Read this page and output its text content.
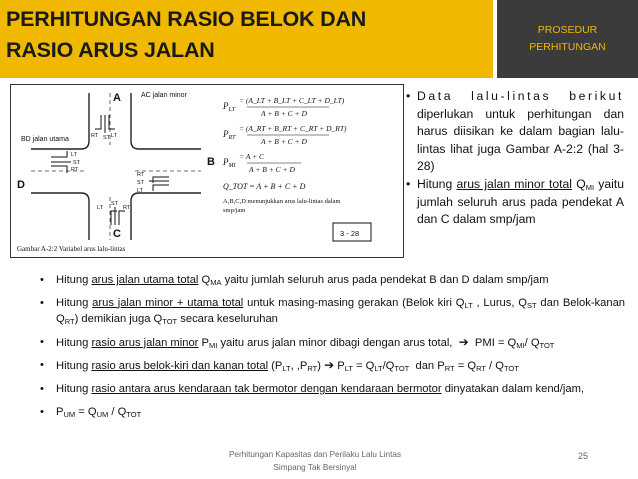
PERHITUNGAN RASIO BELOK DAN
RASIO ARUS JALAN
PROSEDUR
PERHITUNGAN
A
B
C
D
AC jalan minor
BD jalan utama	RT ST LT
LT
ST
RT
RT
ST
LT
LT
ST
RT
$P_{LT}$
= (A_LT + B_LT + C_LT + D_LT)
A + B + C + D
$P_{RT}$
= (A_RT + B_RT + C_RT + D_RT)
A + B + C + D
$P_{MI}$
= A + C
A + B + C + D
Q_TOT = A + B + C + D
A,B,C,D menunjukkan arus lalu-lintas dalam
smp/jam
3 - 28
Gambar A-2:2 Variabel arus lalu-lintas
• Data lalu-lintas berikut diperlukan untuk perhitungan dan harus diisikan ke dalam bagian lalu-lintas lihat juga Gambar A-2:2 (hal 3-28)
• Hitung arus jalan minor total $Q_{MI}$ yaitu jumlah seluruh arus pada pendekat A dan C dalam smp/jam
• Hitung arus jalan utama total $Q_{MA}$ yaitu jumlah seluruh arus pada pendekat B dan D dalam smp/jam
• Hitung arus jalan minor + utama total untuk masing-masing gerakan (Belok kiri $Q_{LT}$ , Lurus, $Q_{ST}$ dan Belok-kanan $Q_{RT}$) demikian juga $Q_{TOT}$ secara keseluruhan
• Hitung rasio arus jalan minor $P_{MI}$ yaitu arus jalan minor dibagi dengan arus total, ➔ PMI = $Q_{MI}/$ $Q_{TOT}$
• Hitung rasio arus belok-kiri dan kanan total ($P_{LT}$, $,P_{RT}$) ➔ $P_{LT} = Q_{LT}/Q_{TOT}$ dan $P_{RT} = Q_{RT} / Q_{TOT}$
• Hitung rasio antara arus kendaraan tak bermotor dengan kendaraan bermotor dinyatakan dalam kend/jam,
• $P_{UM} = Q_{UM} / Q_{TOT}$
Perhitungan Kapasitas dan Perilaku Lalu Lintas
Simpang Tak Bersinyal
25
